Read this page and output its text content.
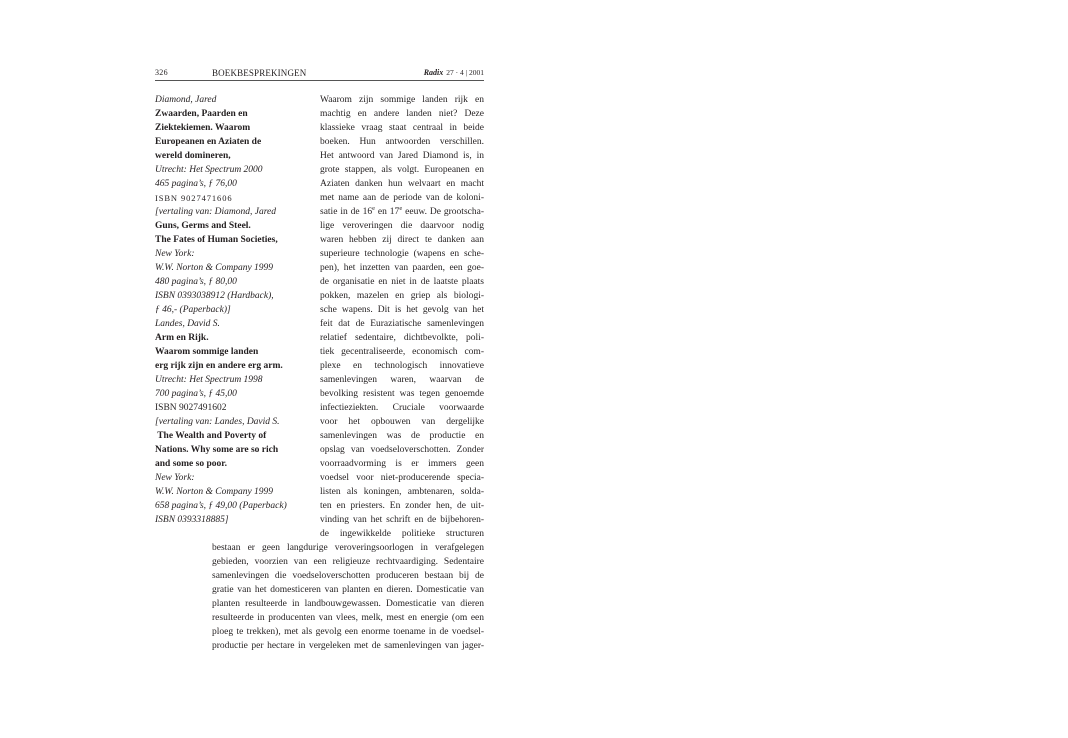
326	BOEKBESPREKINGEN	Radix 27 · 4 | 2001
Diamond, Jared
Zwaarden, Paarden en
Ziektekiemen. Waarom
Europeanen en Aziaten de
wereld domineren,
Utrecht: Het Spectrum 2000
465 pagina’s, ƒ 76,00
ISBN 9027471606
[vertaling van: Diamond, Jared
Guns, Germs and Steel.
The Fates of Human Societies,
New York:
W.W. Norton & Company 1999
480 pagina’s, ƒ 80,00
ISBN 0393038912 (Hardback),
ƒ 46,- (Paperback)]
Landes, David S.
Arm en Rijk.
Waarom sommige landen
erg rijk zijn en andere erg arm.
Utrecht: Het Spectrum 1998
700 pagina’s, ƒ 45,00
ISBN 9027491602
[vertaling van: Landes, David S.
The Wealth and Poverty of
Nations. Why some are so rich
and some so poor.
New York:
W.W. Norton & Company 1999
658 pagina’s, ƒ 49,00 (Paperback)
ISBN 0393318885]
Waarom zijn sommige landen rijk en
machtig en andere landen niet? Deze
klassieke vraag staat centraal in beide
boeken. Hun antwoorden verschillen.
Het antwoord van Jared Diamond is, in
grote stappen, als volgt. Europeanen en
Aziaten danken hun welvaart en macht
met name aan de periode van de koloni-
satie in de 16e en 17e eeuw. De grootscha-
lige veroveringen die daarvoor nodig
waren hebben zij direct te danken aan
superieure technologie (wapens en sche-
pen), het inzetten van paarden, een goe-
de organisatie en niet in de laatste plaats
pokken, mazelen en griep als biologi-
sche wapens. Dit is het gevolg van het
feit dat de Euraziatische samenlevingen
relatief sedentaire, dichtbevolkte, poli-
tiek gecentraliseerde, economisch com-
plexe en technologisch innovatieve
samenlevingen waren, waarvan de
bevolking resistent was tegen genoemde
infectieziekten. Cruciale voorwaarde
voor het opbouwen van dergelijke
samenlevingen was de productie en
opslag van voedseloverschotten. Zonder
voorraadvorming is er immers geen
voedsel voor niet-producerende specia-
listen als koningen, ambtenaren, solda-
ten en priesters. En zonder hen, de uit-
vinding van het schrift en de bijbehoren-
de ingewikkelde politieke structuren
bestaan er geen langdurige veroveringsoorlogen in verafgelegen
gebieden, voorzien van een religieuze rechtvaardiging. Sedentaire
samenlevingen die voedseloverschotten produceren bestaan bij de
gratie van het domesticeren van planten en dieren. Domesticatie van
planten resulteerde in landbouwgewassen. Domesticatie van dieren
resulteerde in producenten van vlees, melk, mest en energie (om een
ploeg te trekken), met als gevolg een enorme toename in de voedsel-
productie per hectare in vergeleken met de samenlevingen van jager-
